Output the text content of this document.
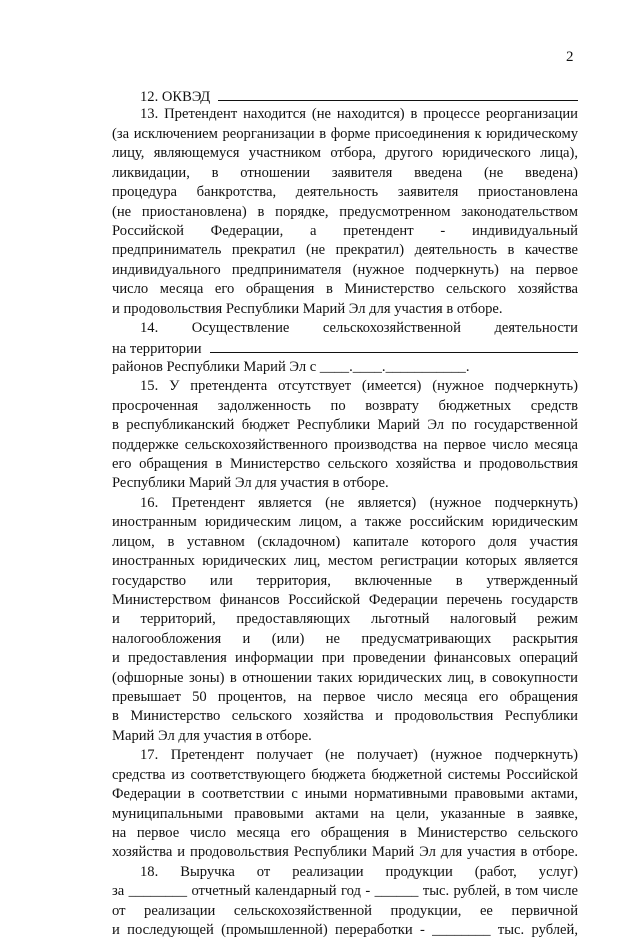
2
12. ОКВЭД
13. Претендент находится (не находится) в процессе реорганизации
(за исключением реорганизации в форме присоединения к юридическому
лицу, являющемуся участником отбора, другого юридического лица),
ликвидации, в отношении заявителя введена (не введена)
процедура банкротства, деятельность заявителя приостановлена
(не приостановлена) в порядке, предусмотренном законодательством
Российской Федерации, а претендент - индивидуальный
предприниматель прекратил (не прекратил) деятельность в качестве
индивидуального предпринимателя (нужное подчеркнуть) на первое
число месяца его обращения в Министерство сельского хозяйства
и продовольствия Республики Марий Эл для участия в отборе.
14. Осуществление сельскохозяйственной деятельности
на территории
районов Республики Марий Эл с ____.____.___________.
15. У претендента отсутствует (имеется) (нужное подчеркнуть)
просроченная задолженность по возврату бюджетных средств
в республиканский бюджет Республики Марий Эл по государственной
поддержке сельскохозяйственного производства на первое число месяца
его обращения в Министерство сельского хозяйства и продовольствия
Республики Марий Эл для участия в отборе.
16. Претендент является (не является) (нужное подчеркнуть)
иностранным юридическим лицом, а также российским юридическим
лицом, в уставном (складочном) капитале которого доля участия
иностранных юридических лиц, местом регистрации которых является
государство или территория, включенные в утвержденный
Министерством финансов Российской Федерации перечень государств
и территорий, предоставляющих льготный налоговый режим
налогообложения и (или) не предусматривающих раскрытия
и предоставления информации при проведении финансовых операций
(офшорные зоны) в отношении таких юридических лиц, в совокупности
превышает 50 процентов, на первое число месяца его обращения
в Министерство сельского хозяйства и продовольствия Республики
Марий Эл для участия в отборе.
17. Претендент получает (не получает) (нужное подчеркнуть)
средства из соответствующего бюджета бюджетной системы Российской
Федерации в соответствии с иными нормативными правовыми актами,
муниципальными правовыми актами на цели, указанные в заявке,
на первое число месяца его обращения в Министерство сельского
хозяйства и продовольствия Республики Марий Эл для участия в отборе.
18. Выручка от реализации продукции (работ, услуг)
за ________ отчетный календарный год - ______ тыс. рублей, в том числе
от реализации сельскохозяйственной продукции, ее первичной
и последующей (промышленной) переработки - ________ тыс. рублей,
